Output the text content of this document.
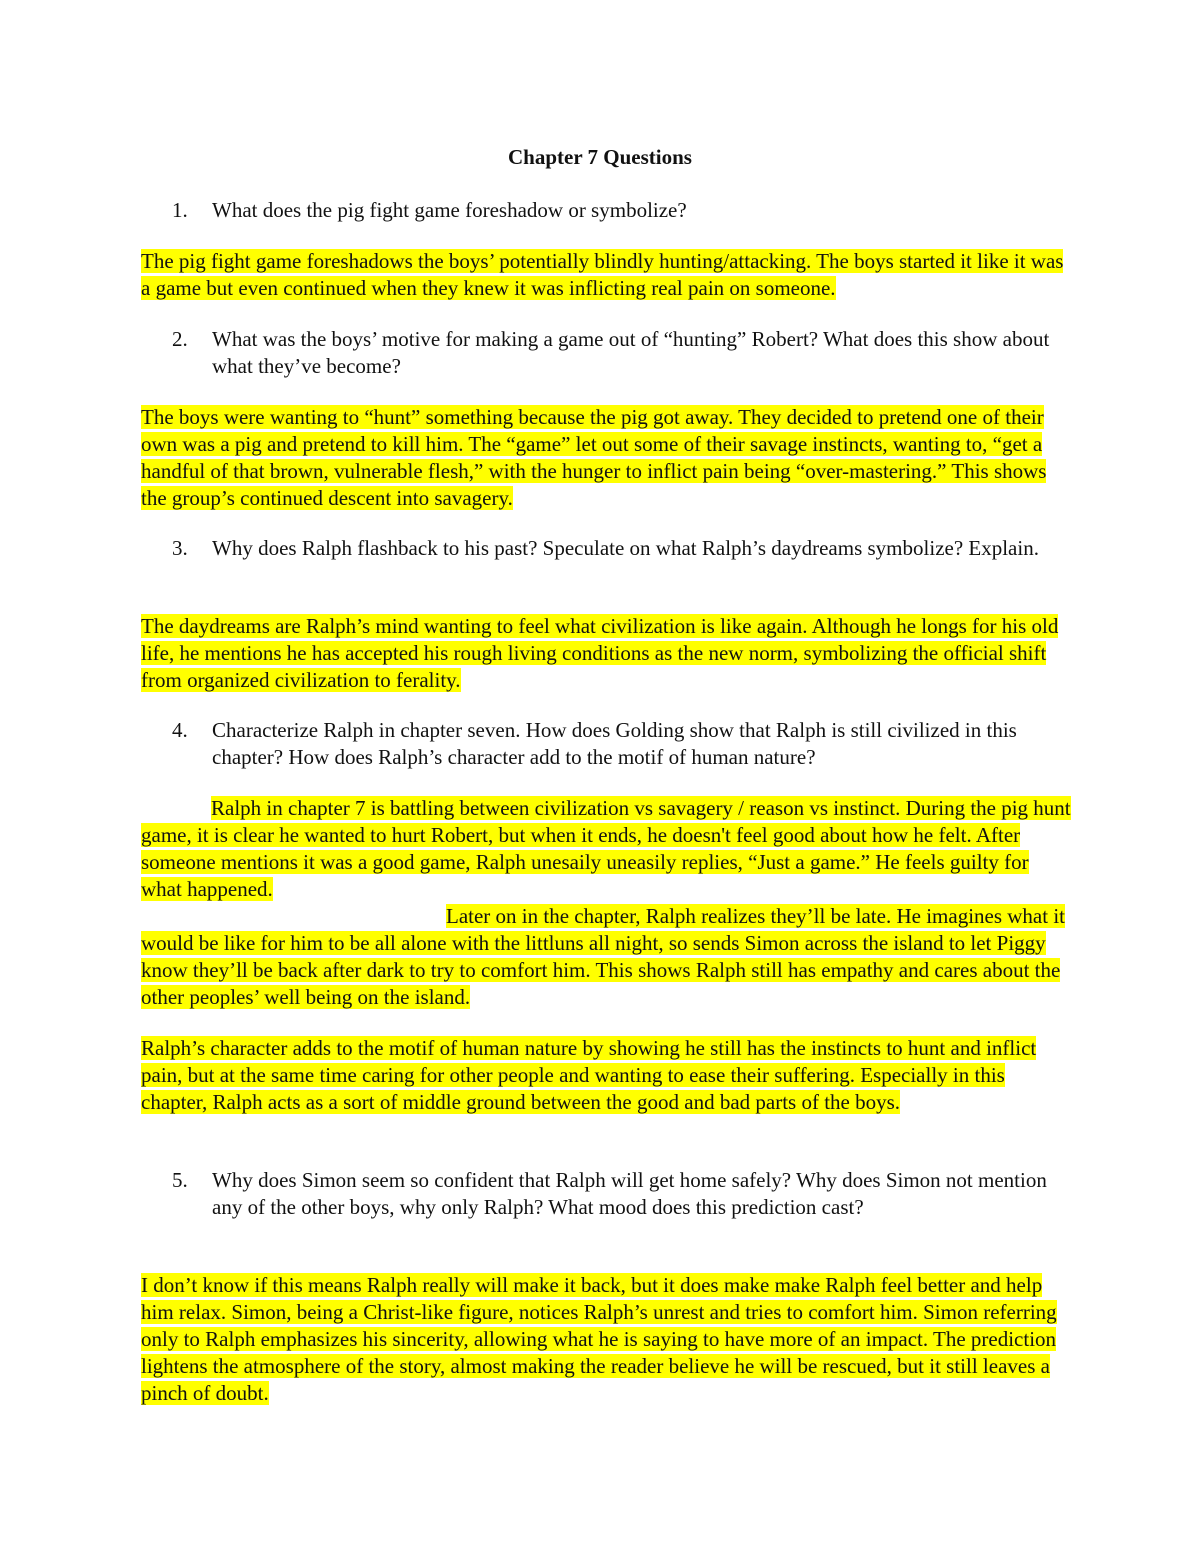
Chapter 7 Questions
1. What does the pig fight game foreshadow or symbolize?
The pig fight game foreshadows the boys’ potentially blindly hunting/attacking. The boys started it like it was a game but even continued when they knew it was inflicting real pain on someone.
2. What was the boys’ motive for making a game out of “hunting” Robert? What does this show about what they’ve become?
The boys were wanting to “hunt” something because the pig got away. They decided to pretend one of their own was a pig and pretend to kill him. The “game” let out some of their savage instincts, wanting to, “get a handful of that brown, vulnerable flesh,” with the hunger to inflict pain being “over-mastering.” This shows the group’s continued descent into savagery.
3. Why does Ralph flashback to his past? Speculate on what Ralph’s daydreams symbolize? Explain.
The daydreams are Ralph’s mind wanting to feel what civilization is like again. Although he longs for his old life, he mentions he has accepted his rough living conditions as the new norm, symbolizing the official shift from organized civilization to ferality.
4. Characterize Ralph in chapter seven. How does Golding show that Ralph is still civilized in this chapter? How does Ralph’s character add to the motif of human nature?
Ralph in chapter 7 is battling between civilization vs savagery / reason vs instinct. During the pig hunt game, it is clear he wanted to hurt Robert, but when it ends, he doesn't feel good about how he felt. After someone mentions it was a good game, Ralph unesaily uneasily replies, “Just a game.” He feels guilty for what happened.
Later on in the chapter, Ralph realizes they’ll be late. He imagines what it would be like for him to be all alone with the littluns all night, so sends Simon across the island to let Piggy know they’ll be back after dark to try to comfort him. This shows Ralph still has empathy and cares about the other peoples’ well being on the island.
Ralph’s character adds to the motif of human nature by showing he still has the instincts to hunt and inflict pain, but at the same time caring for other people and wanting to ease their suffering. Especially in this chapter, Ralph acts as a sort of middle ground between the good and bad parts of the boys.
5. Why does Simon seem so confident that Ralph will get home safely? Why does Simon not mention any of the other boys, why only Ralph? What mood does this prediction cast?
I don’t know if this means Ralph really will make it back, but it does make make Ralph feel better and help him relax. Simon, being a Christ-like figure, notices Ralph’s unrest and tries to comfort him. Simon referring only to Ralph emphasizes his sincerity, allowing what he is saying to have more of an impact. The prediction lightens the atmosphere of the story, almost making the reader believe he will be rescued, but it still leaves a pinch of doubt.
